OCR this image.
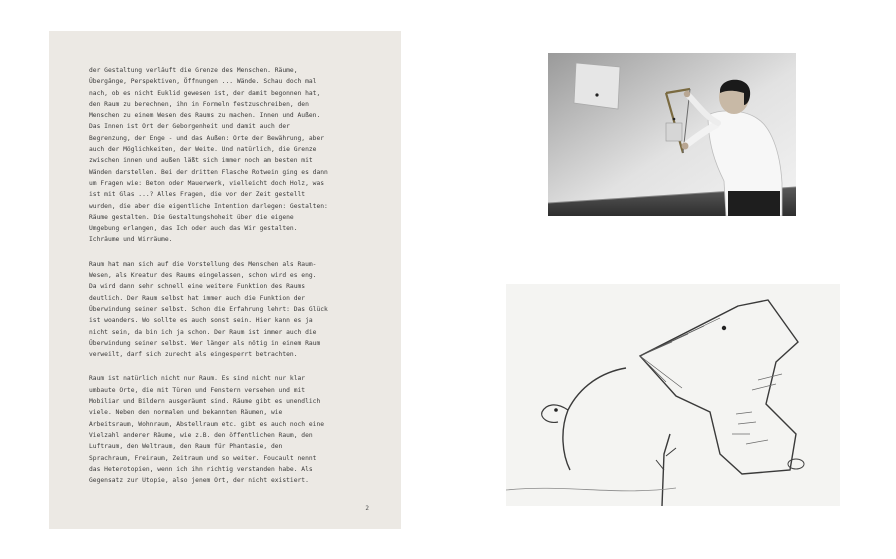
der Gestaltung verläuft die Grenze des Menschen. Räume,
Übergänge, Perspektiven, Öffnungen ... Wände. Schau doch mal
nach, ob es nicht Euklid gewesen ist, der damit begonnen hat,
den Raum zu berechnen, ihn in Formeln festzuschreiben, den
Menschen zu einem Wesen des Raums zu machen. Innen und Außen.
Das Innen ist Ort der Geborgenheit und damit auch der
Begrenzung, der Enge - und das Außen: Orte der Bewährung, aber
auch der Möglichkeiten, der Weite. Und natürlich, die Grenze
zwischen innen und außen läßt sich immer noch am besten mit
Wänden darstellen. Bei der dritten Flasche Rotwein ging es dann
um Fragen wie: Beton oder Mauerwerk, vielleicht doch Holz, was
ist mit Glas ...? Alles Fragen, die vor der Zeit gestellt
wurden, die aber die eigentliche Intention darlegen: Gestalten:
Räume gestalten. Die Gestaltungshoheit über die eigene
Umgebung erlangen, das Ich oder auch das Wir gestalten.
Ichräume und Wirräume.

Raum hat man sich auf die Vorstellung des Menschen als Raum-
Wesen, als Kreatur des Raums eingelassen, schon wird es eng.
Da wird dann sehr schnell eine weitere Funktion des Raums
deutlich. Der Raum selbst hat immer auch die Funktion der
Überwindung seiner selbst. Schon die Erfahrung lehrt: Das Glück
ist woanders. Wo sollte es auch sonst sein. Hier kann es ja
nicht sein, da bin ich ja schon. Der Raum ist immer auch die
Überwindung seiner selbst. Wer länger als nötig in einem Raum
verweilt, darf sich zurecht als eingesperrt betrachten.

Raum ist natürlich nicht nur Raum. Es sind nicht nur klar
umbaute Orte, die mit Türen und Fenstern versehen und mit
Mobiliar und Bildern ausgeräumt sind. Räume gibt es unendlich
viele. Neben den normalen und bekannten Räumen, wie
Arbeitsraum, Wohnraum, Abstellraum etc. gibt es auch noch eine
Vielzahl anderer Räume, wie z.B. den öffentlichen Raum, den
Luftraum, den Weltraum, den Raum für Phantasie, den
Sprachraum, Freiraum, Zeitraum und so weiter. Foucault nennt
das Heterotopien, wenn ich ihn richtig verstanden habe. Als
Gegensatz zur Utopie, also jenem Ort, der nicht existiert.

2
